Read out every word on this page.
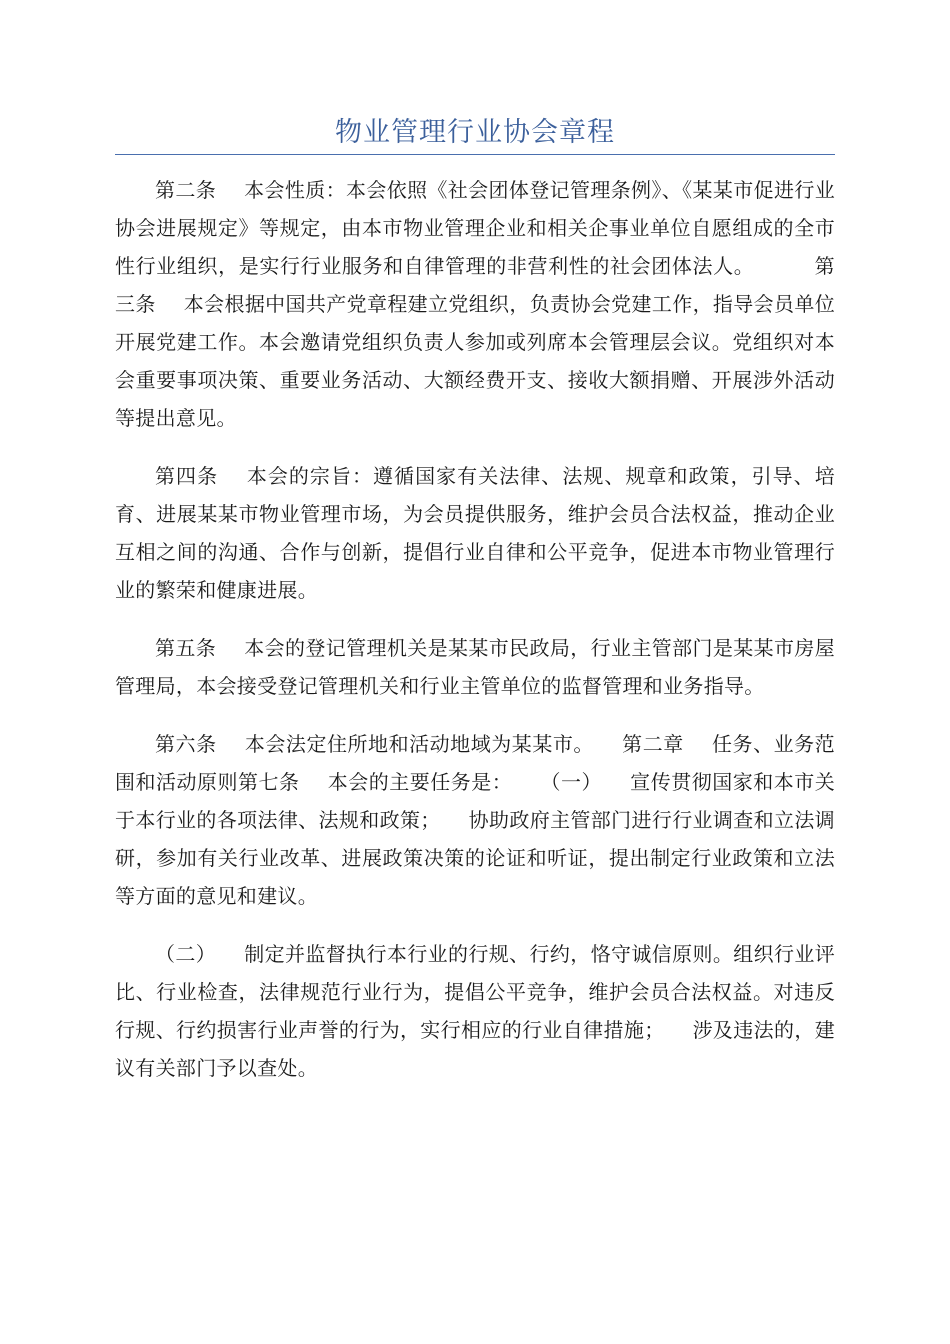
物业管理行业协会章程

第二条 本会性质：本会依照《社会团体登记管理条例》、《某某市促进行业协会进展规定》等规定，由本市物业管理企业和相关企事业单位自愿组成的全市性行业组织，是实行行业服务和自律管理的非营利性的社会团体法人。	第三条 本会根据中国共产党章程建立党组织，负责协会党建工作，指导会员单位开展党建工作。本会邀请党组织负责人参加或列席本会管理层会议。党组织对本会重要事项决策、重要业务活动、大额经费开支、接收大额捐赠、开展涉外活动等提出意见。

第四条 本会的宗旨：遵循国家有关法律、法规、规章和政策，引导、培育、进展某某市物业管理市场，为会员提供服务，维护会员合法权益，推动企业互相之间的沟通、合作与创新，提倡行业自律和公平竞争，促进本市物业管理行业的繁荣和健康进展。

第五条 本会的登记管理机关是某某市民政局，行业主管部门是某某市房屋管理局，本会接受登记管理机关和行业主管单位的监督管理和业务指导。

第六条 本会法定住所地和活动地域为某某市。 第二章 任务、业务范围和活动原则第七条 本会的主要任务是： （一） 宣传贯彻国家和本市关于本行业的各项法律、法规和政策； 协助政府主管部门进行行业调查和立法调研，参加有关行业改革、进展政策决策的论证和听证，提出制定行业政策和立法等方面的意见和建议。

（二） 制定并监督执行本行业的行规、行约，恪守诚信原则。组织行业评比、行业检查，法律规范行业行为，提倡公平竞争，维护会员合法权益。对违反行规、行约损害行业声誉的行为，实行相应的行业自律措施； 涉及违法的，建议有关部门予以查处。
